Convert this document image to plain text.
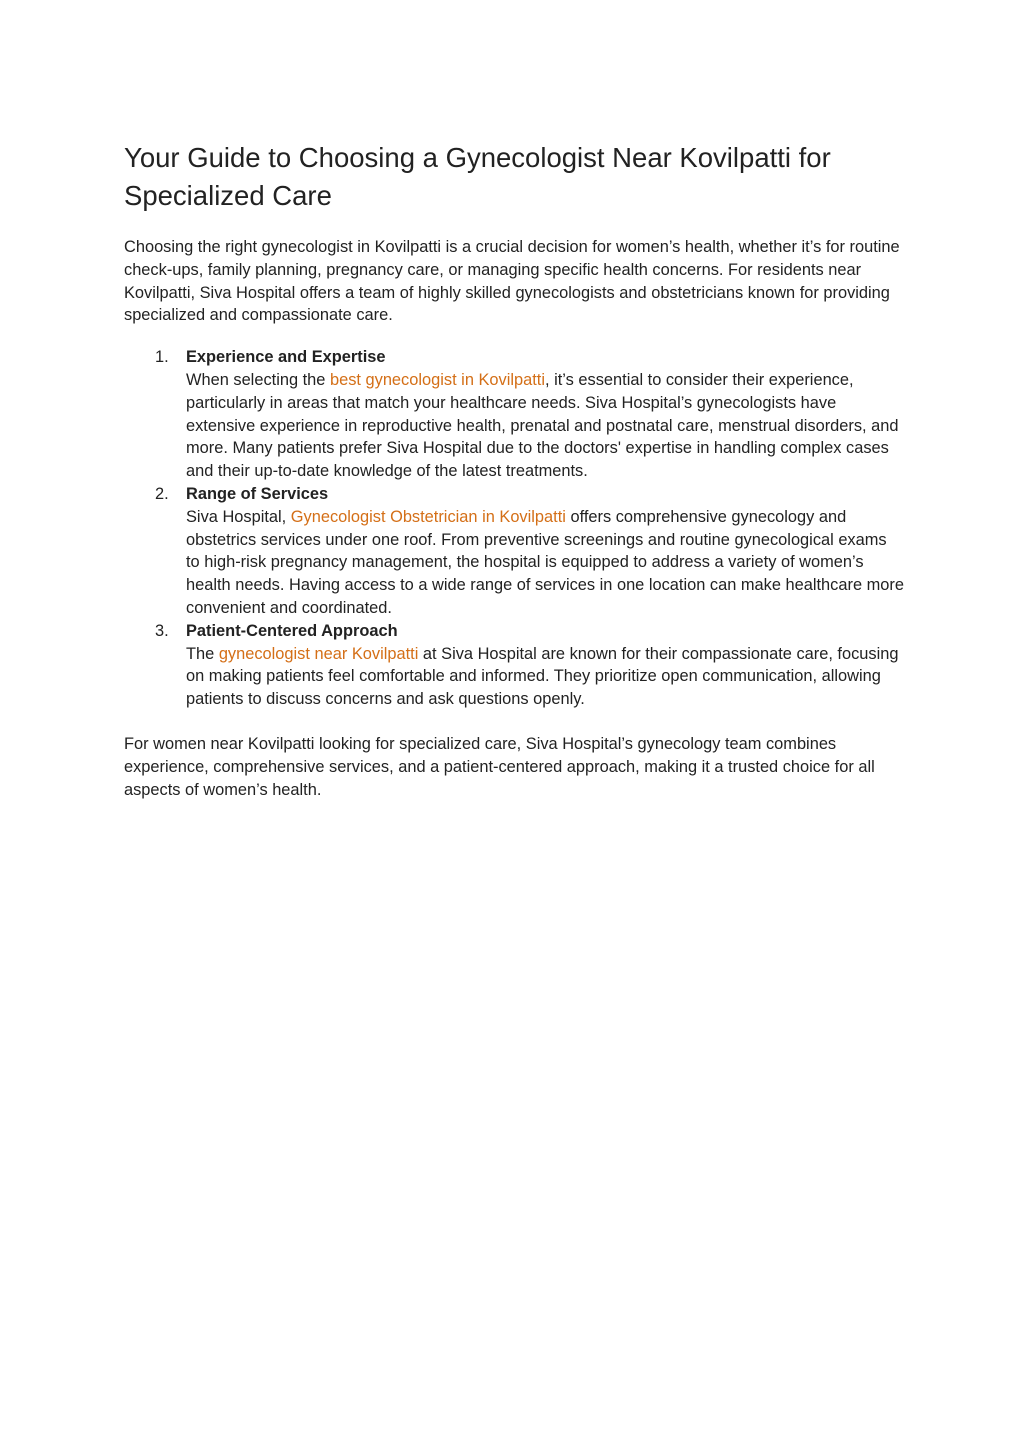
Your Guide to Choosing a Gynecologist Near Kovilpatti for Specialized Care

Choosing the right gynecologist in Kovilpatti is a crucial decision for women’s health, whether it’s for routine check-ups, family planning, pregnancy care, or managing specific health concerns. For residents near Kovilpatti, Siva Hospital offers a team of highly skilled gynecologists and obstetricians known for providing specialized and compassionate care.

1. Experience and Expertise
When selecting the best gynecologist in Kovilpatti, it’s essential to consider their experience, particularly in areas that match your healthcare needs. Siva Hospital’s gynecologists have extensive experience in reproductive health, prenatal and postnatal care, menstrual disorders, and more. Many patients prefer Siva Hospital due to the doctors' expertise in handling complex cases and their up-to-date knowledge of the latest treatments.
2. Range of Services
Siva Hospital, Gynecologist Obstetrician in Kovilpatti offers comprehensive gynecology and obstetrics services under one roof. From preventive screenings and routine gynecological exams to high-risk pregnancy management, the hospital is equipped to address a variety of women’s health needs. Having access to a wide range of services in one location can make healthcare more convenient and coordinated.
3. Patient-Centered Approach
The gynecologist near Kovilpatti at Siva Hospital are known for their compassionate care, focusing on making patients feel comfortable and informed. They prioritize open communication, allowing patients to discuss concerns and ask questions openly.

For women near Kovilpatti looking for specialized care, Siva Hospital’s gynecology team combines experience, comprehensive services, and a patient-centered approach, making it a trusted choice for all aspects of women’s health.
